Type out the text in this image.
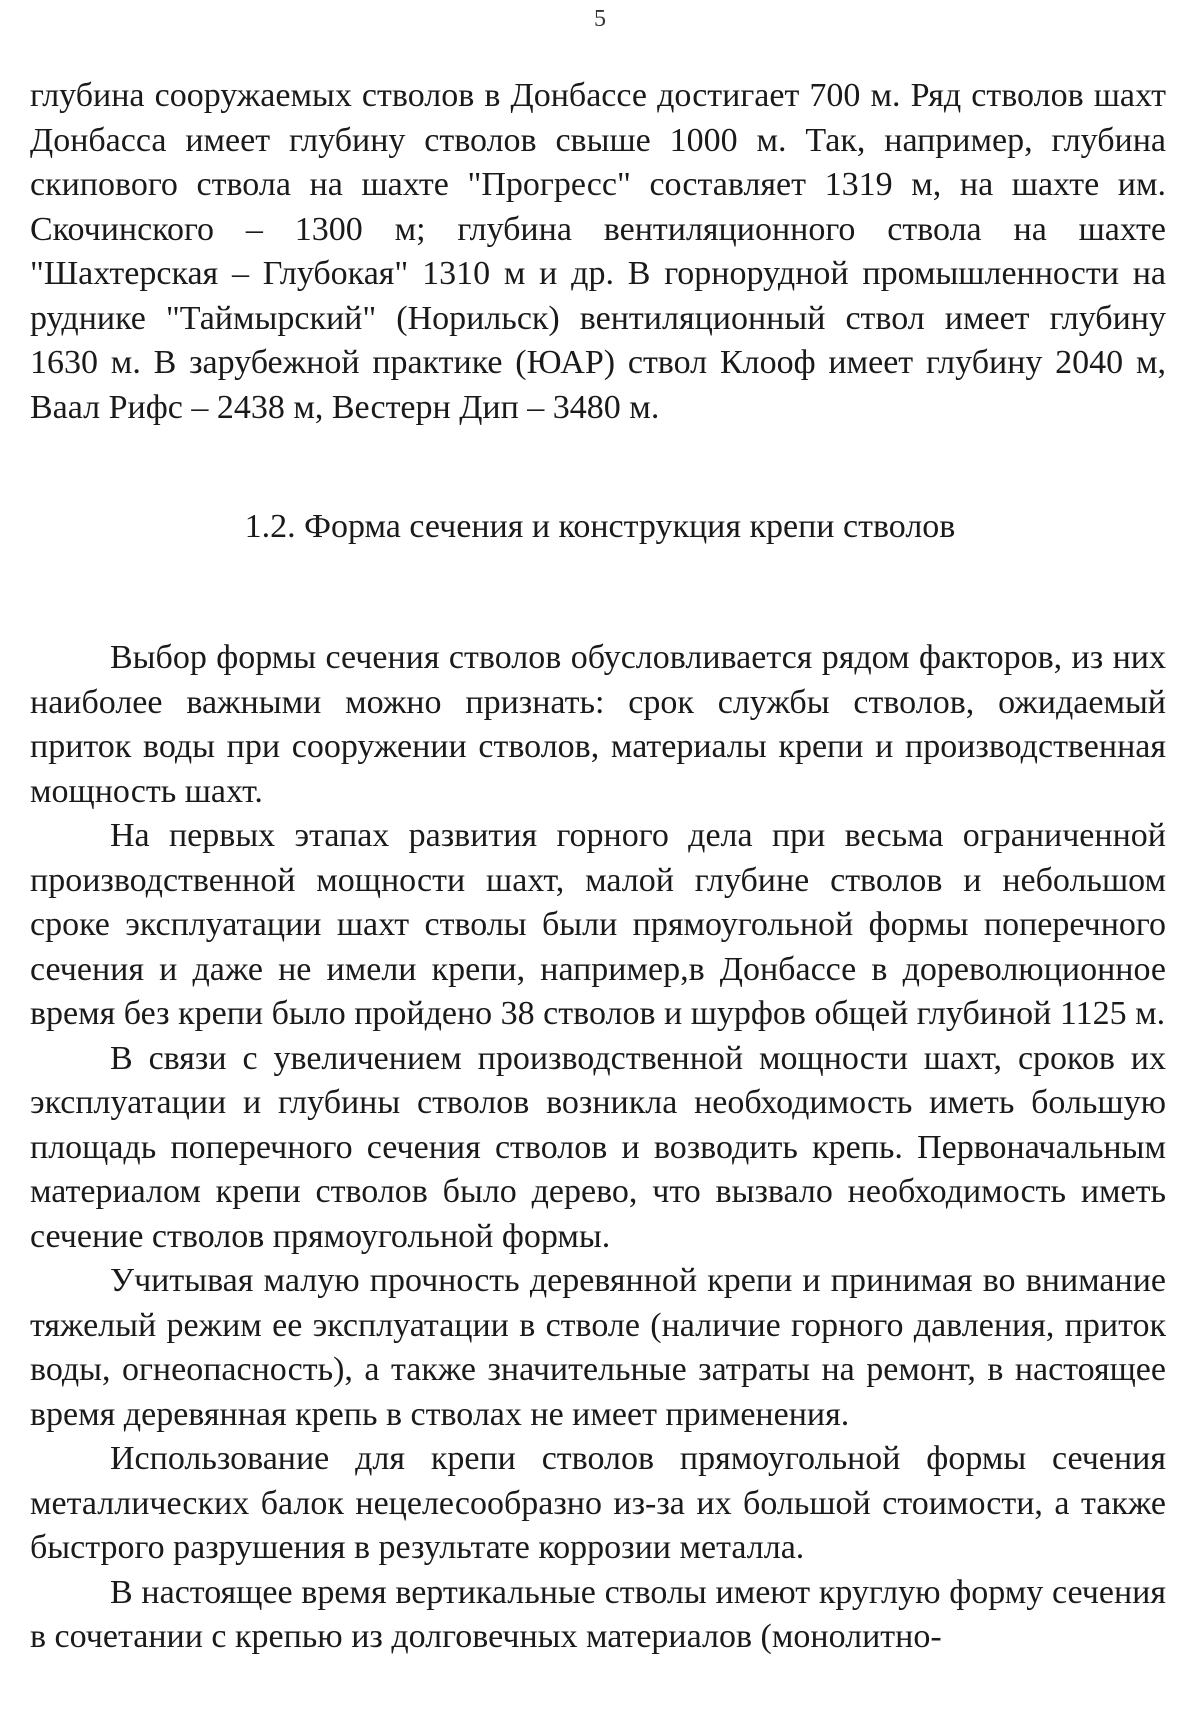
5

глубина сооружаемых стволов в Донбассе достигает 700 м. Ряд стволов шахт Донбасса имеет глубину стволов свыше 1000 м. Так, например, глубина скипового ствола на шахте "Прогресс" составляет 1319 м, на шахте им. Скочинского – 1300 м; глубина вентиляционного ствола на шахте "Шахтерская – Глубокая" 1310 м и др. В горнорудной промышленности на руднике "Таймырский" (Норильск) вентиляционный ствол имеет глубину 1630 м. В зарубежной практике (ЮАР) ствол Клооф имеет глубину 2040 м, Ваал Рифс – 2438 м, Вестерн Дип – 3480 м.

1.2. Форма сечения и конструкция крепи стволов

Выбор формы сечения стволов обусловливается рядом факторов, из них наиболее важными можно признать: срок службы стволов, ожидаемый приток воды при сооружении стволов, материалы крепи и производственная мощность шахт.

На первых этапах развития горного дела при весьма ограниченной производственной мощности шахт, малой глубине стволов и небольшом сроке эксплуатации шахт стволы были прямоугольной формы поперечного сечения и даже не имели крепи, например,в Донбассе в дореволюционное время без крепи было пройдено 38 стволов и шурфов общей глубиной 1125 м.

В связи с увеличением производственной мощности шахт, сроков их эксплуатации и глубины стволов возникла необходимость иметь большую площадь поперечного сечения стволов и возводить крепь. Первоначальным материалом крепи стволов было дерево, что вызвало необходимость иметь сечение стволов прямоугольной формы.

Учитывая малую прочность деревянной крепи и принимая во внимание тяжелый режим ее эксплуатации в стволе (наличие горного давления, приток воды, огнеопасность), а также значительные затраты на ремонт, в настоящее время деревянная крепь в стволах не имеет применения.

Использование для крепи стволов прямоугольной формы сечения металлических балок нецелесообразно из-за их большой стоимости, а также быстрого разрушения в результате коррозии металла.

В настоящее время вертикальные стволы имеют круглую форму сечения в сочетании с крепью из долговечных материалов (монолитно-
